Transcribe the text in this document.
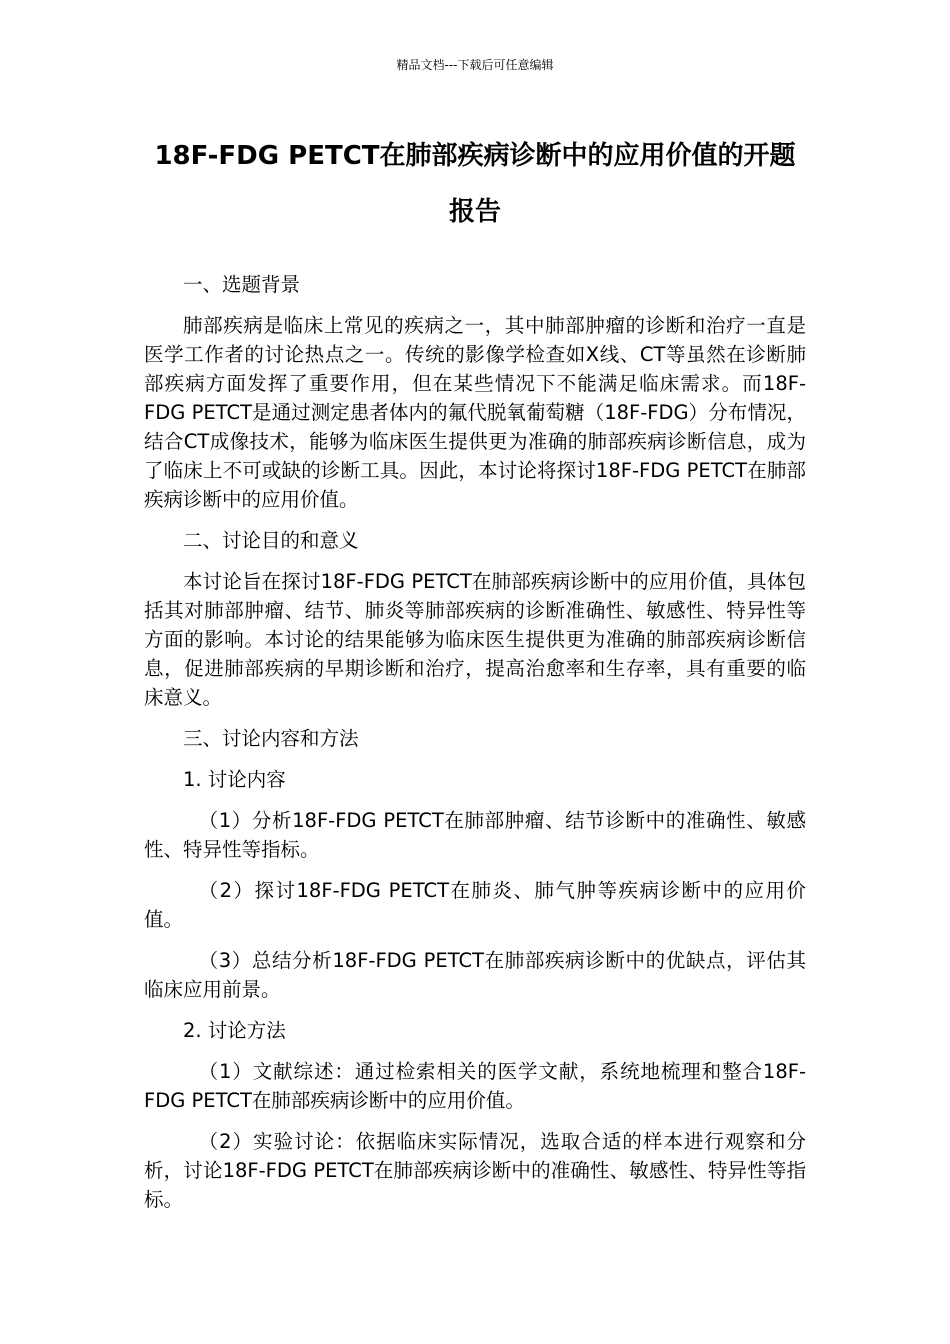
精品文档---下载后可任意编辑
18F-FDG PETCT在肺部疾病诊断中的应用价值的开题报告

一、选题背景

肺部疾病是临床上常见的疾病之一，其中肺部肿瘤的诊断和治疗一直是医学工作者的讨论热点之一。传统的影像学检查如X线、CT等虽然在诊断肺部疾病方面发挥了重要作用，但在某些情况下不能满足临床需求。而18F-FDG PETCT是通过测定患者体内的氟代脱氧葡萄糖（18F-FDG）分布情况，结合CT成像技术，能够为临床医生提供更为准确的肺部疾病诊断信息，成为了临床上不可或缺的诊断工具。因此，本讨论将探讨18F-FDG PETCT在肺部疾病诊断中的应用价值。

二、讨论目的和意义

本讨论旨在探讨18F-FDG PETCT在肺部疾病诊断中的应用价值，具体包括其对肺部肿瘤、结节、肺炎等肺部疾病的诊断准确性、敏感性、特异性等方面的影响。本讨论的结果能够为临床医生提供更为准确的肺部疾病诊断信息，促进肺部疾病的早期诊断和治疗，提高治愈率和生存率，具有重要的临床意义。

三、讨论内容和方法

1. 讨论内容

（1）分析18F-FDG PETCT在肺部肿瘤、结节诊断中的准确性、敏感性、特异性等指标。

（2）探讨18F-FDG PETCT在肺炎、肺气肿等疾病诊断中的应用价值。

（3）总结分析18F-FDG PETCT在肺部疾病诊断中的优缺点，评估其临床应用前景。

2. 讨论方法

（1）文献综述：通过检索相关的医学文献，系统地梳理和整合18F-FDG PETCT在肺部疾病诊断中的应用价值。

（2）实验讨论：依据临床实际情况，选取合适的样本进行观察和分析，讨论18F-FDG PETCT在肺部疾病诊断中的准确性、敏感性、特异性等指标。
